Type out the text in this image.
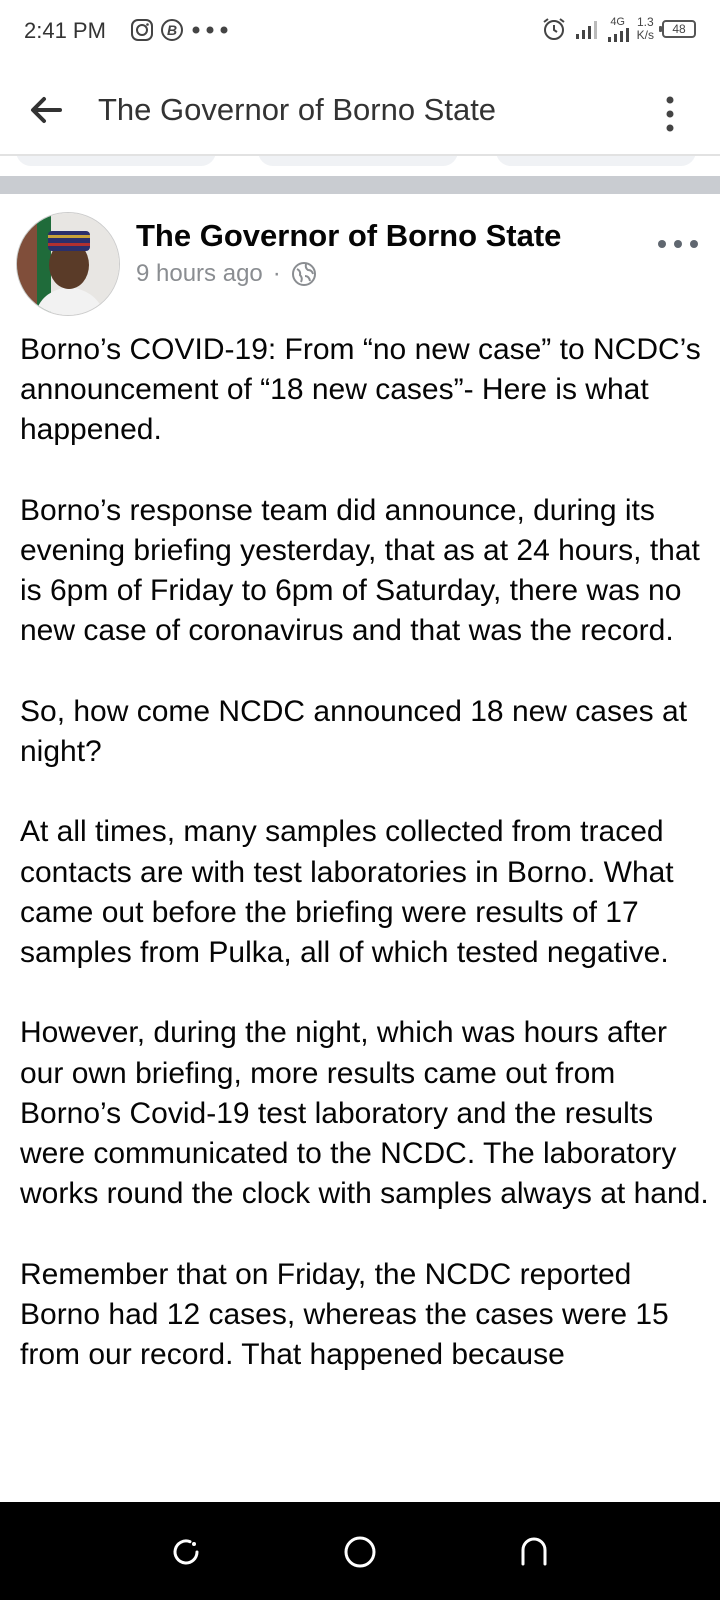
2:41 PM	B
4G 1.3
K/s	48
The Governor of Borno State
The Governor of Borno State
9 hours ago ·

Borno’s COVID-19: From “no new case” to NCDC’s announcement of “18 new cases”- Here is what happened.

Borno’s response team did announce, during its evening briefing yesterday, that as at 24 hours, that is 6pm of Friday to 6pm of Saturday, there was no new case of coronavirus and that was the record.

So, how come NCDC announced 18 new cases at night?

At all times, many samples collected from traced contacts are with test laboratories in Borno. What came out before the briefing were results of 17 samples from Pulka, all of which tested negative.

However, during the night, which was hours after our own briefing, more results came out from Borno’s Covid-19 test laboratory and the results were communicated to the NCDC. The laboratory works round the clock with samples always at hand.

Remember that on Friday, the NCDC reported Borno had 12 cases, whereas the cases were 15 from our record. That happened because
